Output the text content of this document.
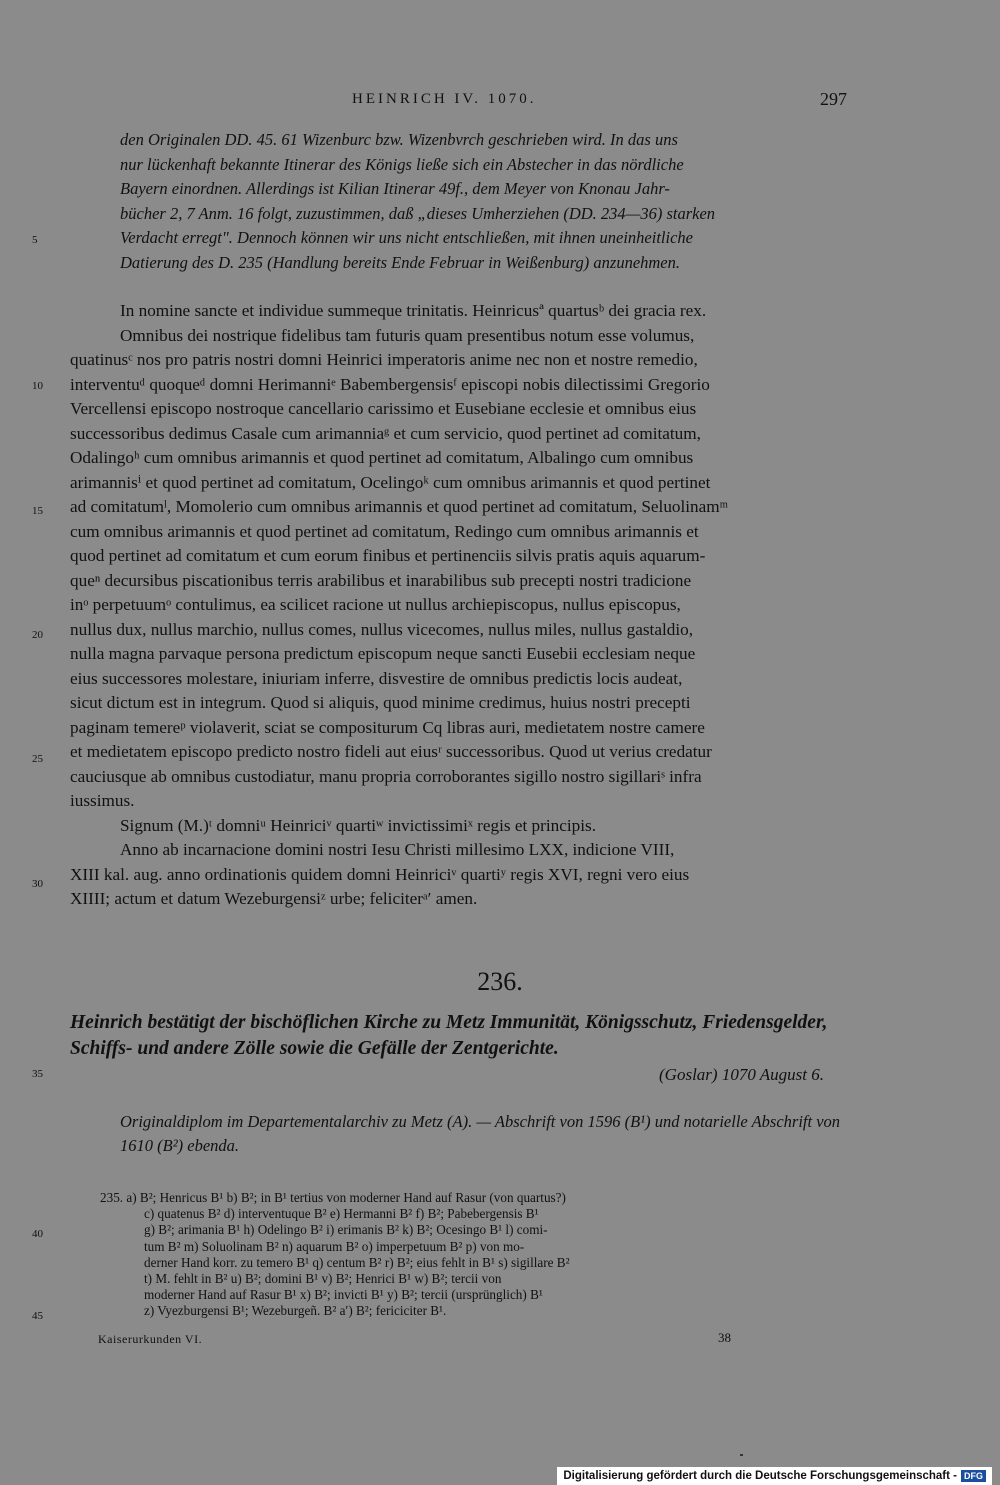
HEINRICH IV. 1070.	297
den Originalen DD. 45. 61 Wizenburc bzw. Wizenbvrch geschrieben wird. In das uns
nur lückenhaft bekannte Itinerar des Königs ließe sich ein Abstecher in das nördliche
Bayern einordnen. Allerdings ist Kilian Itinerar 49f., dem Meyer von Knonau Jahr-
bücher 2, 7 Anm. 16 folgt, zuzustimmen, daß „dieses Umherziehen (DD. 234—36) starken
Verdacht erregt". Dennoch können wir uns nicht entschließen, mit ihnen uneinheitliche
Datierung des D. 235 (Handlung bereits Ende Februar in Weißenburg) anzunehmen.
In nomine sancte et individue summeque trinitatis. Heinricusª quartusᵇ dei gracia rex.
Omnibus dei nostrique fidelibus tam futuris quam presentibus notum esse volumus,
quatinusᶜ nos pro patris nostri domni Heinrici imperatoris anime nec non et nostre remedio,
interventuᵈ quoqueᵈ domni Herimanniᵉ Babembergensisᶠ episcopi nobis dilectissimi Gregorio
Vercellensi episcopo nostroque cancellario carissimo et Eusebiane ecclesie et omnibus eius
successoribus dedimus Casale cum arimanniaᵍ et cum servicio, quod pertinet ad comitatum,
Odalingoʰ cum omnibus arimannis et quod pertinet ad comitatum, Albalingo cum omnibus
arimannisⁱ et quod pertinet ad comitatum, Ocelingoᵏ cum omnibus arimannis et quod pertinet
ad comitatumˡ, Momolerio cum omnibus arimannis et quod pertinet ad comitatum, Seluolinamᵐ
cum omnibus arimannis et quod pertinet ad comitatum, Redingo cum omnibus arimannis et
quod pertinet ad comitatum et cum eorum finibus et pertinenciis silvis pratis aquis aquarum-
queⁿ decursibus piscationibus terris arabilibus et inarabilibus sub precepti nostri tradicione
inᵒ perpetuumᵒ contulimus, ea scilicet racione ut nullus archiepiscopus, nullus episcopus,
nullus dux, nullus marchio, nullus comes, nullus vicecomes, nullus miles, nullus gastaldio,
nulla magna parvaque persona predictum episcopum neque sancti Eusebii ecclesiam neque
eius successores molestare, iniuriam inferre, disvestire de omnibus predictis locis audeat,
sicut dictum est in integrum. Quod si aliquis, quod minime credimus, huius nostri precepti
paginam temereᵖ violaverit, sciat se compositurum Cq libras auri, medietatem nostre camere
et medietatem episcopo predicto nostro fideli aut eiusʳ successoribus. Quod ut verius credatur
cauciusque ab omnibus custodiatur, manu propria corroborantes sigillo nostro sigillariˢ infra
iussimus.
Signum (M.)ᵗ domniᵘ Heinriciᵛ quartiʷ invictissimiˣ regis et principis.
Anno ab incarnacione domini nostri Iesu Christi millesimo LXX, indicione VIII,
XIII kal. aug. anno ordinationis quidem domni Heinriciᵛ quartiʸ regis XVI, regni vero eius
XIIII; actum et datum Wezeburgensiᶻ urbe; feliciterᵃ′ amen.
5
10
15
20
25
30
35
40
45
236.
Heinrich bestätigt der bischöflichen Kirche zu Metz Immunität, Königsschutz, Friedensgelder, Schiffs- und andere Zölle sowie die Gefälle der Zentgerichte.
(Goslar) 1070 August 6.
Originaldiplom im Departementalarchiv zu Metz (A). — Abschrift von 1596 (B¹) und notarielle Abschrift von 1610 (B²) ebenda.
235. a) B²; Henricus B¹ b) B²; in B¹ tertius von moderner Hand auf Rasur (von quartus?)
c) quatenus B² d) interventuque B² e) Hermanni B² f) B²; Pabebergensis B¹
g) B²; arimania B¹ h) Odelingo B² i) erimanis B² k) B²; Ocesingo B¹ l) comi-
tum B² m) Soluolinam B² n) aquarum B² o) imperpetuum B² p) von mo-
derner Hand korr. zu temero B¹ q) centum B² r) B²; eius fehlt in B¹ s) sigillare B²
t) M. fehlt in B² u) B²; domini B¹ v) B²; Henrici B¹ w) B²; tercii von
moderner Hand auf Rasur B¹ x) B²; invicti B¹ y) B²; tercii (ursprünglich) B¹
z) Vyezburgensi B¹; Wezeburgeñ. B² a′) B²; fericiciter B¹.
Kaiserurkunden VI.	38
Digitalisierung gefördert durch die Deutsche Forschungsgemeinschaft - DFG
